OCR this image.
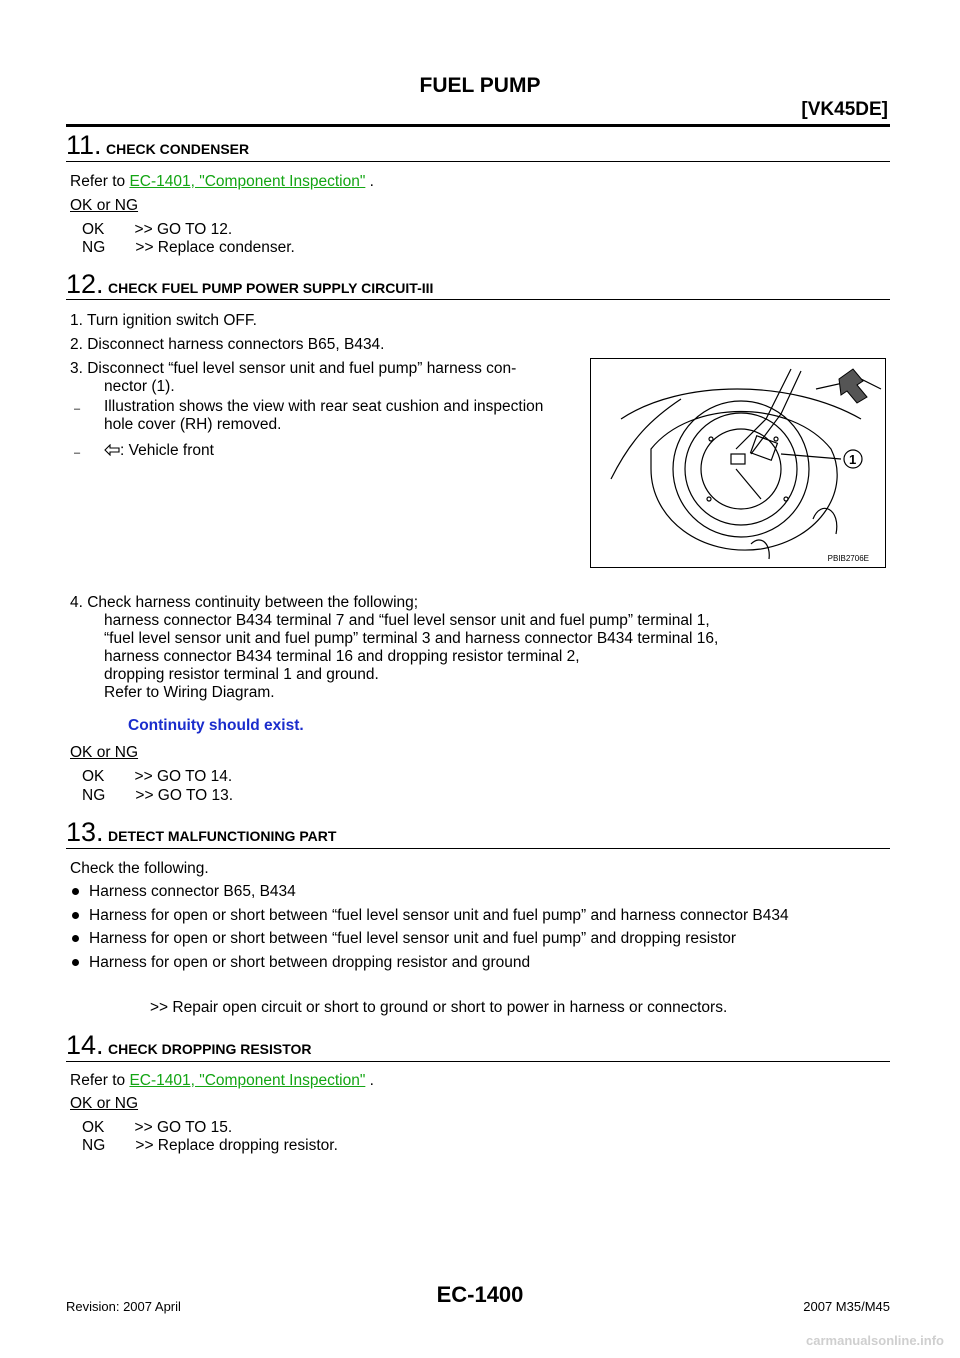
FUEL PUMP
[VK45DE]
11. CHECK CONDENSER
Refer to EC-1401, "Component Inspection" .
OK or NG
OK       >> GO TO 12.
NG       >> Replace condenser.
12. CHECK FUEL PUMP POWER SUPPLY CIRCUIT-III
1. Turn ignition switch OFF.
2. Disconnect harness connectors B65, B434.
3. Disconnect “fuel level sensor unit and fuel pump” harness con-
nector (1).
– Illustration shows the view with rear seat cushion and inspection
hole cover (RH) removed.
–	: Vehicle front
1
PBIB2706E
4. Check harness continuity between the following;
harness connector B434 terminal 7 and “fuel level sensor unit and fuel pump” terminal 1,
“fuel level sensor unit and fuel pump” terminal 3 and harness connector B434 terminal 16,
harness connector B434 terminal 16 and dropping resistor terminal 2,
dropping resistor terminal 1 and ground.
Refer to Wiring Diagram.
Continuity should exist.
OK or NG
OK       >> GO TO 14.
NG       >> GO TO 13.
13. DETECT MALFUNCTIONING PART
Check the following.
Harness connector B65, B434
Harness for open or short between “fuel level sensor unit and fuel pump” and harness connector B434
Harness for open or short between “fuel level sensor unit and fuel pump” and dropping resistor
Harness for open or short between dropping resistor and ground
>> Repair open circuit or short to ground or short to power in harness or connectors.
14. CHECK DROPPING RESISTOR
Refer to EC-1401, "Component Inspection" .
OK or NG
OK       >> GO TO 15.
NG       >> Replace dropping resistor.
Revision: 2007 April	EC-1400	2007 M35/M45
carmanualsonline.info
